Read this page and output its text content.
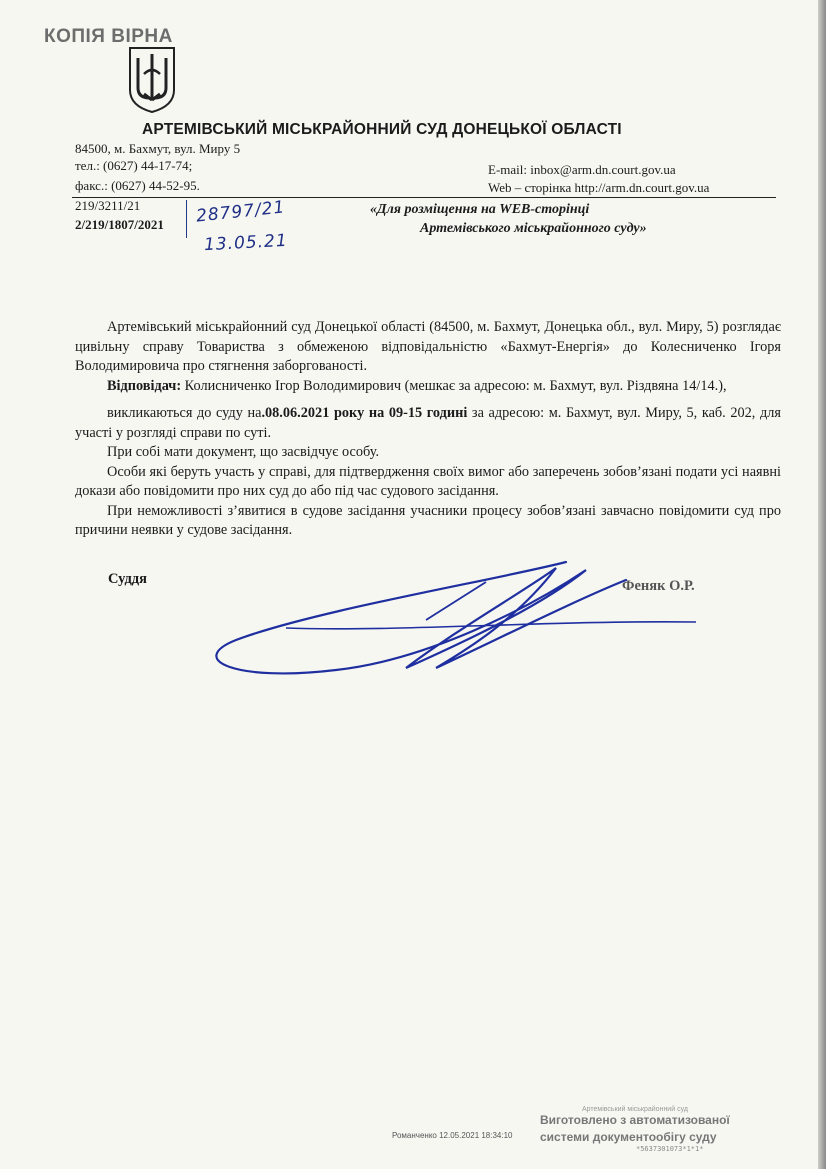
КОПІЯ ВІРНА
АРТЕМІВСЬКИЙ МІСЬКРАЙОННИЙ СУД ДОНЕЦЬКОЇ ОБЛАСТІ
84500, м. Бахмут, вул. Миру 5
тел.: (0627) 44-17-74;
факс.: (0627) 44-52-95.
E-mail: inbox@arm.dn.court.gov.ua
Web – сторінка http://arm.dn.court.gov.ua
219/3211/21
2/219/1807/2021 28797/21
13.05.21
«Для розміщення на WEB-сторінці
Артемівського міськрайонного суду»

Артемівський міськрайонний суд Донецької області (84500, м. Бахмут, Донецька обл., вул. Миру, 5) розглядає цивільну справу Товариства з обмеженою відповідальністю «Бахмут-Енергія» до Колесниченко Ігоря Володимировича про стягнення заборгованості.

Відповідач: Колисниченко Ігор Володимирович (мешкає за адресою: м. Бахмут, вул. Різдвяна 14/14.),

викликаються до суду на.08.06.2021 року на 09-15 годині за адресою: м. Бахмут, вул. Миру, 5, каб. 202, для участі у розгляді справи по суті.

При собі мати документ, що засвідчує особу.

Особи які беруть участь у справі, для підтвердження своїх вимог або заперечень зобов’язані подати усі наявні докази або повідомити про них суд до або під час судового засідання.

При неможливості з’явитися в судове засідання учасники процесу зобов’язані завчасно повідомити суд про причини неявки у судове засідання.

Суддя	Феняк О.Р.
Артемівський міськрайонний суд
Виготовлено з автоматизованої
системи документообігу суду
Романченко 12.05.2021 18:34:10
*5637301073*1*1*
